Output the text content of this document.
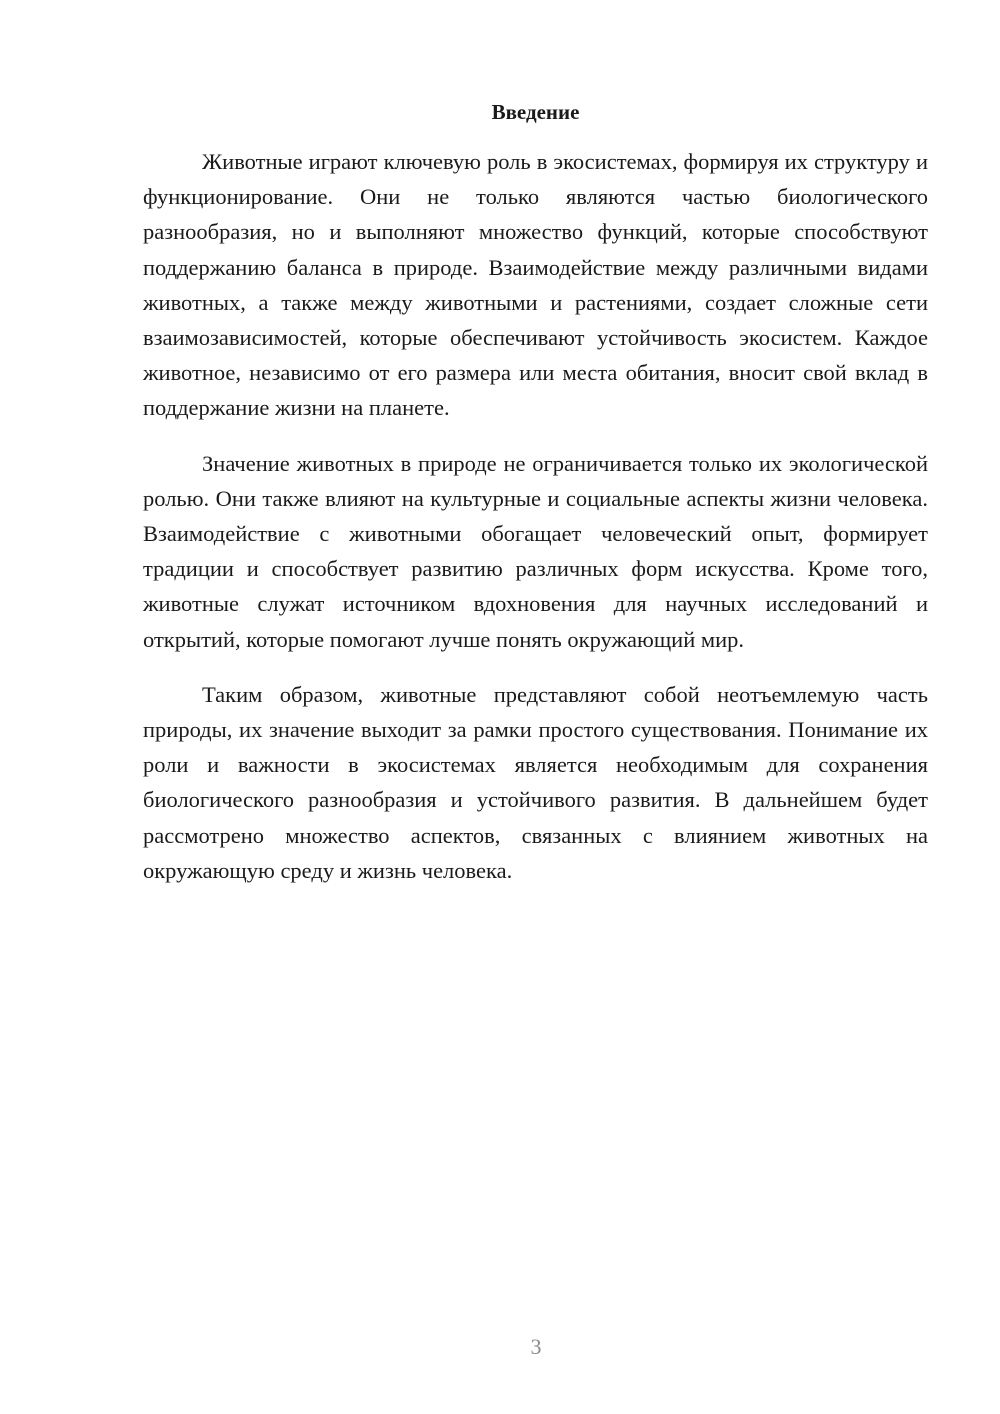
Введение

Животные играют ключевую роль в экосистемах, формируя их структуру и функционирование. Они не только являются частью биологического разнообразия, но и выполняют множество функций, которые способствуют поддержанию баланса в природе. Взаимодействие между различными видами животных, а также между животными и растениями, создает сложные сети взаимозависимостей, которые обеспечивают устойчивость экосистем. Каждое животное, независимо от его размера или места обитания, вносит свой вклад в поддержание жизни на планете.

Значение животных в природе не ограничивается только их экологической ролью. Они также влияют на культурные и социальные аспекты жизни человека. Взаимодействие с животными обогащает человеческий опыт, формирует традиции и способствует развитию различных форм искусства. Кроме того, животные служат источником вдохновения для научных исследований и открытий, которые помогают лучше понять окружающий мир.

Таким образом, животные представляют собой неотъемлемую часть природы, их значение выходит за рамки простого существования. Понимание их роли и важности в экосистемах является необходимым для сохранения биологического разнообразия и устойчивого развития. В дальнейшем будет рассмотрено множество аспектов, связанных с влиянием животных на окружающую среду и жизнь человека.

3
